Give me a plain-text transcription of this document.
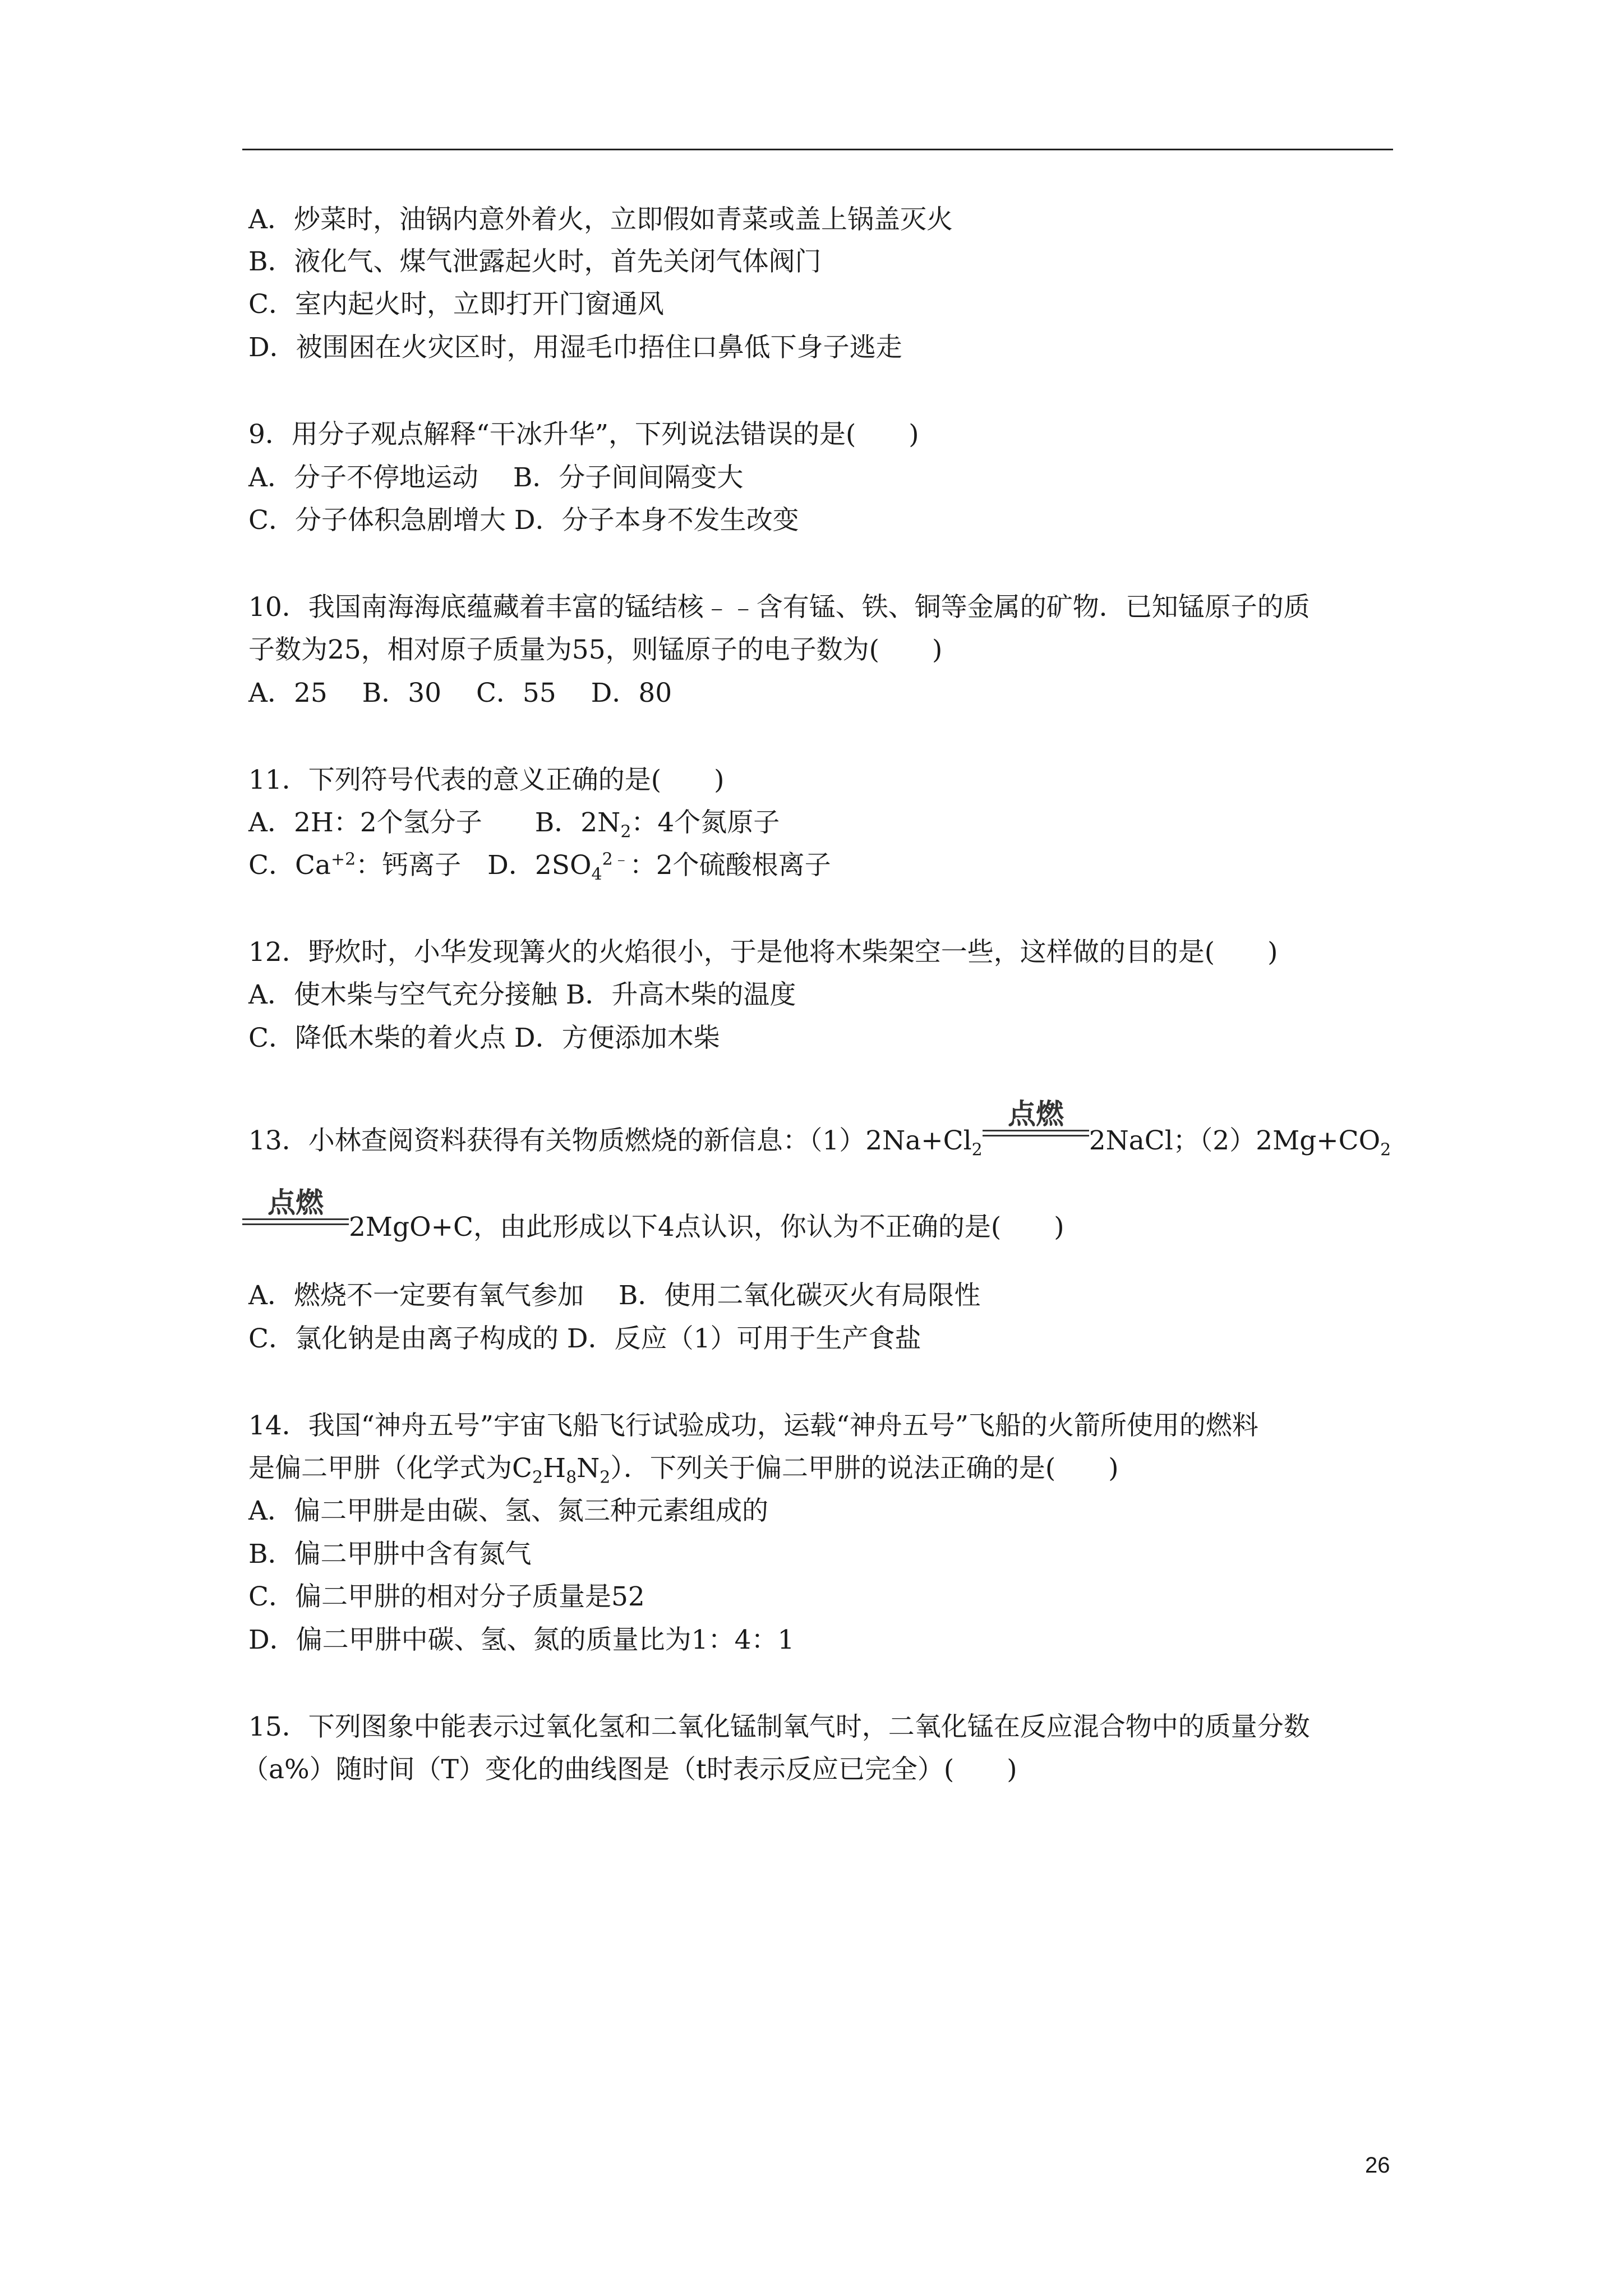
A．炒菜时，油锅内意外着火，立即假如青菜或盖上锅盖灭火
B．液化气、煤气泄露起火时，首先关闭气体阀门
C．室内起火时，立即打开门窗通风
D．被围困在火灾区时，用湿毛巾捂住口鼻低下身子逃走
9．用分子观点解释“干冰升华”，下列说法错误的是(　　)
A．分子不停地运动　 B．分子间间隔变大
C．分子体积急剧增大 D．分子本身不发生改变
10．我国南海海底蕴藏着丰富的锰结核﹣﹣含有锰、铁、铜等金属的矿物．已知锰原子的质
子数为25，相对原子质量为55，则锰原子的电子数为(　　)
A．25　 B．30　 C．55　 D．80
11．下列符号代表的意义正确的是(　　)
A．2H：2个氢分子　　B．$2N_2$：4个氮原子
C．$Ca^{+2}$：钙离子　D．$2SO_4^{2﹣}$：2个硫酸根离子
12．野炊时，小华发现篝火的火焰很小，于是他将木柴架空一些，这样做的目的是(　　)
A．使木柴与空气充分接触 B．升高木柴的温度
C．降低木柴的着火点 D．方便添加木柴
13．小林查阅资料获得有关物质燃烧的新信息：$(1)2Na+Cl_2$	2NaCl；$(2)2Mg+CO_2$
点燃
点燃
2MgO+C，由此形成以下4点认识，你认为不正确的是(　　)
A．燃烧不一定要有氧气参加　 B．使用二氧化碳灭火有局限性
C．氯化钠是由离子构成的 D．反应（1）可用于生产食盐
14．我国“神舟五号”宇宙飞船飞行试验成功，运载“神舟五号”飞船的火箭所使用的燃料
是偏二甲肼（化学式为$C_2H_8N_2$）．下列关于偏二甲肼的说法正确的是(　　)
A．偏二甲肼是由碳、氢、氮三种元素组成的
B．偏二甲肼中含有氮气
C．偏二甲肼的相对分子质量是52
D．偏二甲肼中碳、氢、氮的质量比为1：4：1
15．下列图象中能表示过氧化氢和二氧化锰制氧气时，二氧化锰在反应混合物中的质量分数
（a%）随时间（T）变化的曲线图是（t时表示反应已完全）(　　)
26
